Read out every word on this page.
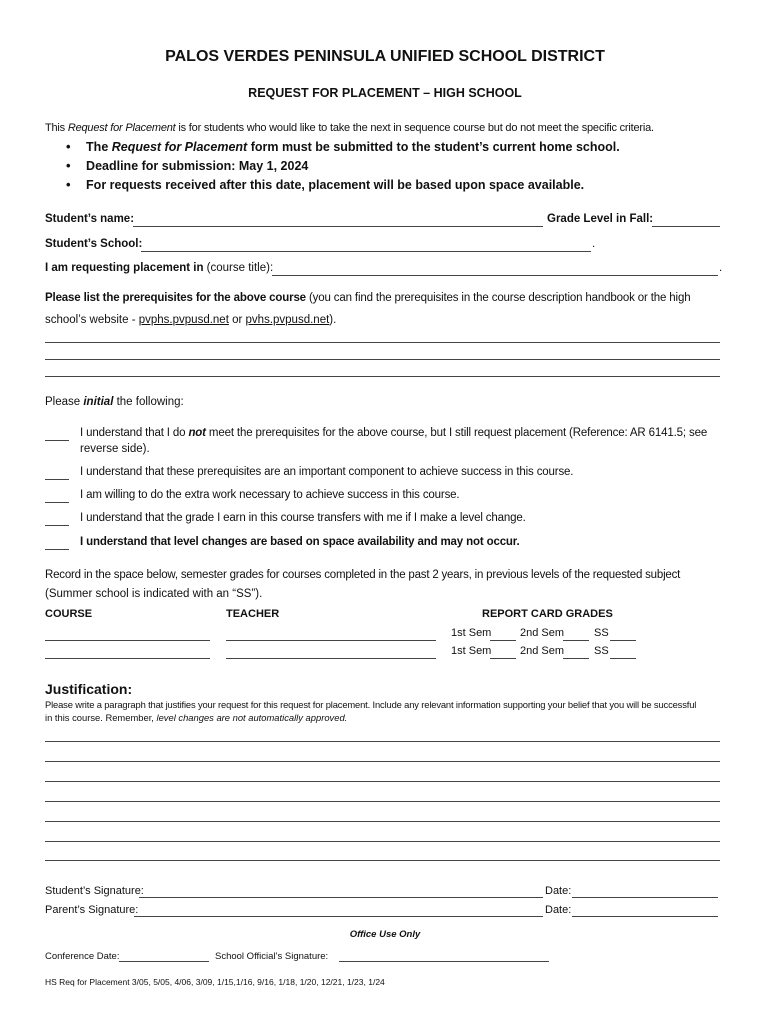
PALOS VERDES PENINSULA UNIFIED SCHOOL DISTRICT
REQUEST FOR PLACEMENT – HIGH SCHOOL
This Request for Placement is for students who would like to take the next in sequence course but do not meet the specific criteria.
• The Request for Placement form must be submitted to the student’s current home school.
• Deadline for submission: May 1, 2024
• For requests received after this date, placement will be based upon space available.
Student’s name:	Grade Level in Fall:
Student’s School:	.
I am requesting placement in (course title):	.
Please list the prerequisites for the above course (you can find the prerequisites in the course description handbook or the high
school’s website - pvphs.pvpusd.net or pvhs.pvpusd.net).
Please initial the following:
I understand that I do not meet the prerequisites for the above course, but I still request placement (Reference: AR 6141.5; see
reverse side).
I understand that these prerequisites are an important component to achieve success in this course.
I am willing to do the extra work necessary to achieve success in this course.
I understand that the grade I earn in this course transfers with me if I make a level change.
I understand that level changes are based on space availability and may not occur.
Record in the space below, semester grades for courses completed in the past 2 years, in previous levels of the requested subject
(Summer school is indicated with an “SS”).
COURSE	TEACHER	REPORT CARD GRADES
1st Sem	2nd Sem	SS
1st Sem	2nd Sem	SS
Justification:
Please write a paragraph that justifies your request for this request for placement. Include any relevant information supporting your belief that you will be successful
in this course. Remember, level changes are not automatically approved.
Student’s Signature:	Date:
Parent’s Signature:	Date:
Office Use Only
Conference Date:	School Official’s Signature:
HS Req for Placement 3/05, 5/05, 4/06, 3/09, 1/15,1/16, 9/16, 1/18, 1/20, 12/21, 1/23, 1/24
